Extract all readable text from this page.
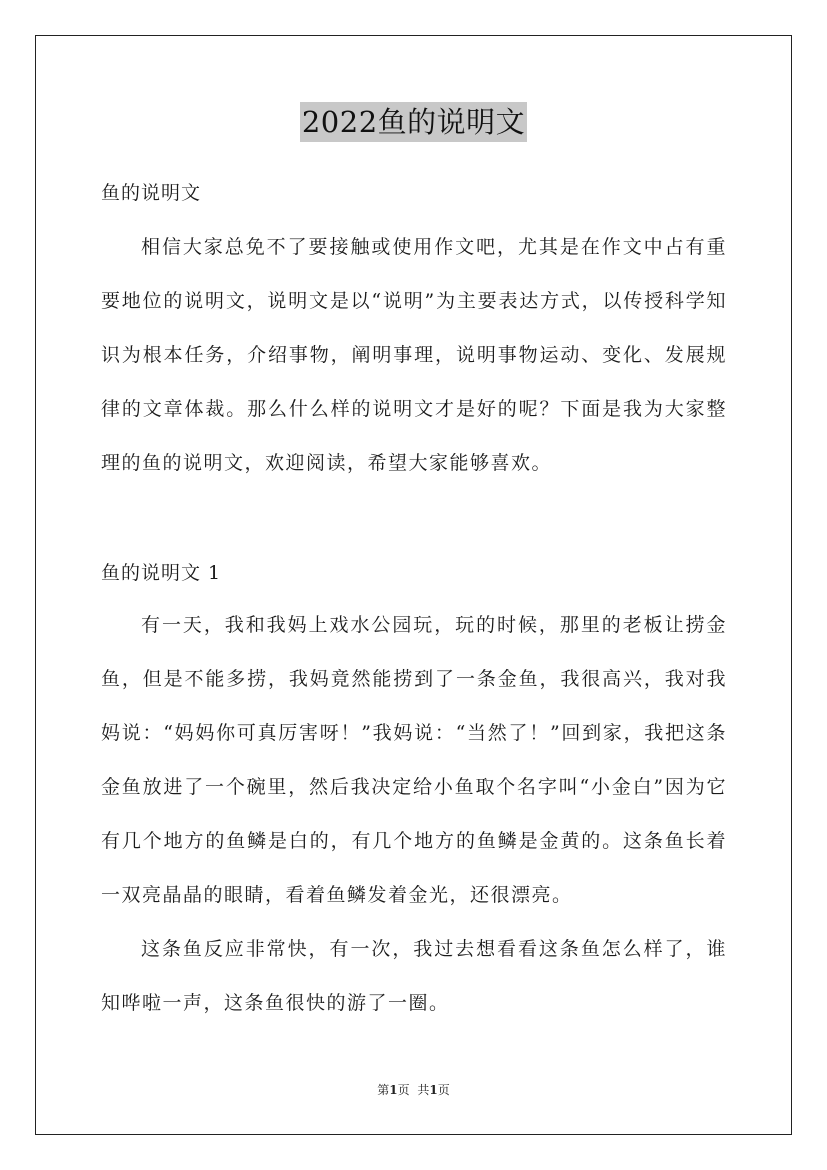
2022鱼的说明文
鱼的说明文
相信大家总免不了要接触或使用作文吧，尤其是在作文中占有重要地位的说明文，说明文是以“说明”为主要表达方式，以传授科学知识为根本任务，介绍事物，阐明事理，说明事物运动、变化、发展规律的文章体裁。那么什么样的说明文才是好的呢？下面是我为大家整理的鱼的说明文，欢迎阅读，希望大家能够喜欢。
鱼的说明文 1
有一天，我和我妈上戏水公园玩，玩的时候，那里的老板让捞金鱼，但是不能多捞，我妈竟然能捞到了一条金鱼，我很高兴，我对我妈说：“妈妈你可真厉害呀！”我妈说：“当然了！”回到家，我把这条金鱼放进了一个碗里，然后我决定给小鱼取个名字叫“小金白”因为它有几个地方的鱼鳞是白的，有几个地方的鱼鳞是金黄的。这条鱼长着一双亮晶晶的眼睛，看着鱼鳞发着金光，还很漂亮。
这条鱼反应非常快，有一次，我过去想看看这条鱼怎么样了，谁知哗啦一声，这条鱼很快的游了一圈。
第1页 共1页
